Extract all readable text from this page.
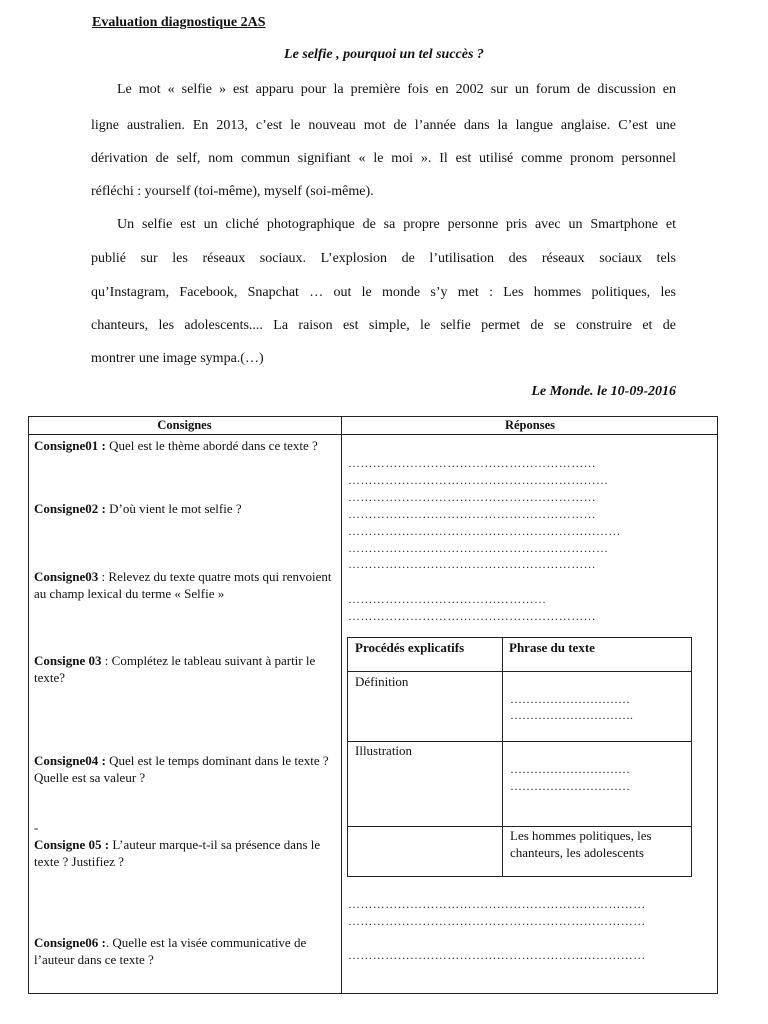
Evaluation diagnostique 2AS
Le selfie , pourquoi un tel succès ?
Le mot « selfie » est apparu pour la première fois en 2002 sur un forum de discussion en
ligne australien. En 2013, c’est le nouveau mot de l’année dans la langue anglaise. C’est une
dérivation de self, nom commun signifiant « le moi ». Il est utilisé comme pronom personnel
réfléchi : yourself (toi-même), myself (soi-même).
Un selfie est un cliché photographique de sa propre personne pris avec un Smartphone et
publié sur les réseaux sociaux. L’explosion de l’utilisation des réseaux sociaux tels
qu’Instagram, Facebook, Snapchat … out le monde s’y met : Les hommes politiques, les
chanteurs, les adolescents.... La raison est simple, le selfie permet de se construire et de
montrer une image sympa.(…)
Le Monde. le 10-09-2016
Consignes	Réponses
Consigne01 : Quel est le thème abordé dans ce texte ?
Consigne02 : D’où vient le mot selfie ?
Consigne03 : Relevez du texte quatre mots qui renvoient au champ lexical du terme « Selfie »
Consigne 03 : Complétez le tableau suivant à partir le texte?
Consigne04 : Quel est le temps dominant dans le texte ? Quelle est sa valeur ?
-
Consigne 05 : L’auteur marque-t-il sa présence dans le texte ? Justifiez ?
Consigne06 :. Quelle est la visée communicative de l’auteur dans ce texte ?
……………………………………………………
………………………………………………………
……………………………………………………
……………………………………………………
…………………………………………………………
………………………………………………………
……………………………………………………
…………………………………………
……………………………………………………
Procédés explicatifs	Phrase du texte
Définition
…………………………
………………………….
Illustration
…………………………
…………………………
Les hommes politiques, les chanteurs, les adolescents
………………………………………………………………
………………………………………………………………
………………………………………………………………
